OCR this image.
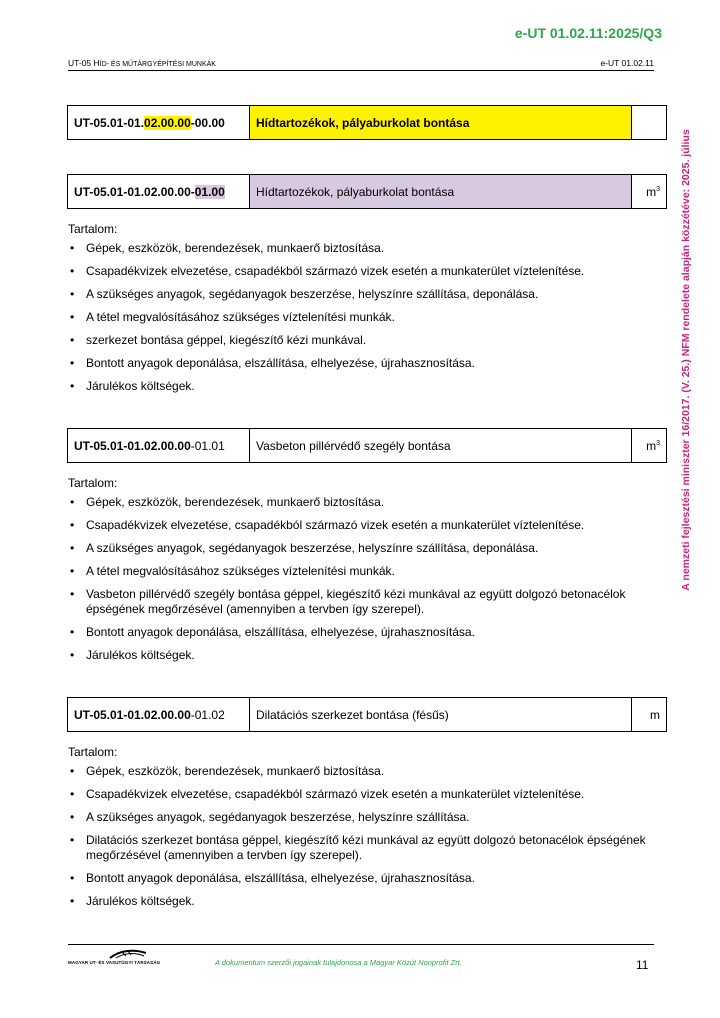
e-UT 01.02.11:2025/Q3
UT-05 HÍD- ÉS MŰTÁRGYÉPÍTÉSI MUNKÁK	e-UT 01.02.11
A nemzeti fejlesztési miniszter 16/2017. (V. 25.) NFM rendelete alapján közzétéve: 2025. július
UT-05.01-01.02.00.00-00.00	Hídtartozékok, pályaburkolat bontása	
UT-05.01-01.02.00.00-01.00	Hídtartozékok, pályaburkolat bontása	$m^3$
Tartalom:
• Gépek, eszközök, berendezések, munkaerő biztosítása.
• Csapadékvizek elvezetése, csapadékból származó vizek esetén a munkaterület víztelenítése.
• A szükséges anyagok, segédanyagok beszerzése, helyszínre szállítása, deponálása.
• A tétel megvalósításához szükséges víztelenítési munkák.
• szerkezet bontása géppel, kiegészítő kézi munkával.
• Bontott anyagok deponálása, elszállítása, elhelyezése, újrahasznosítása.
• Járulékos költségek.
UT-05.01-01.02.00.00-01.01	Vasbeton pillérvédő szegély bontása	$m^3$
Tartalom:
• Gépek, eszközök, berendezések, munkaerő biztosítása.
• Csapadékvizek elvezetése, csapadékból származó vizek esetén a munkaterület víztelenítése.
• A szükséges anyagok, segédanyagok beszerzése, helyszínre szállítása, deponálása.
• A tétel megvalósításához szükséges víztelenítési munkák.
• Vasbeton pillérvédő szegély bontása géppel, kiegészítő kézi munkával az együtt dolgozó betonacélok épségének megőrzésével (amennyiben a tervben így szerepel).
• Bontott anyagok deponálása, elszállítása, elhelyezése, újrahasznosítása.
• Járulékos költségek.
UT-05.01-01.02.00.00-01.02	Dilatációs szerkezet bontása (fésűs)	m
Tartalom:
• Gépek, eszközök, berendezések, munkaerő biztosítása.
• Csapadékvizek elvezetése, csapadékból származó vizek esetén a munkaterület víztelenítése.
• A szükséges anyagok, segédanyagok beszerzése, helyszínre szállítása.
• Dilatációs szerkezet bontása géppel, kiegészítő kézi munkával az együtt dolgozó betonacélok épségének megőrzésével (amennyiben a tervben így szerepel).
• Bontott anyagok deponálása, elszállítása, elhelyezése, újrahasznosítása.
• Járulékos költségek.
MAGYAR UT- ÉS VASUTÜGYI TÁRSASÁG	A dokumentum szerzői jogainak tulajdonosa a Magyar Közút Nonprofit Zrt.	11
